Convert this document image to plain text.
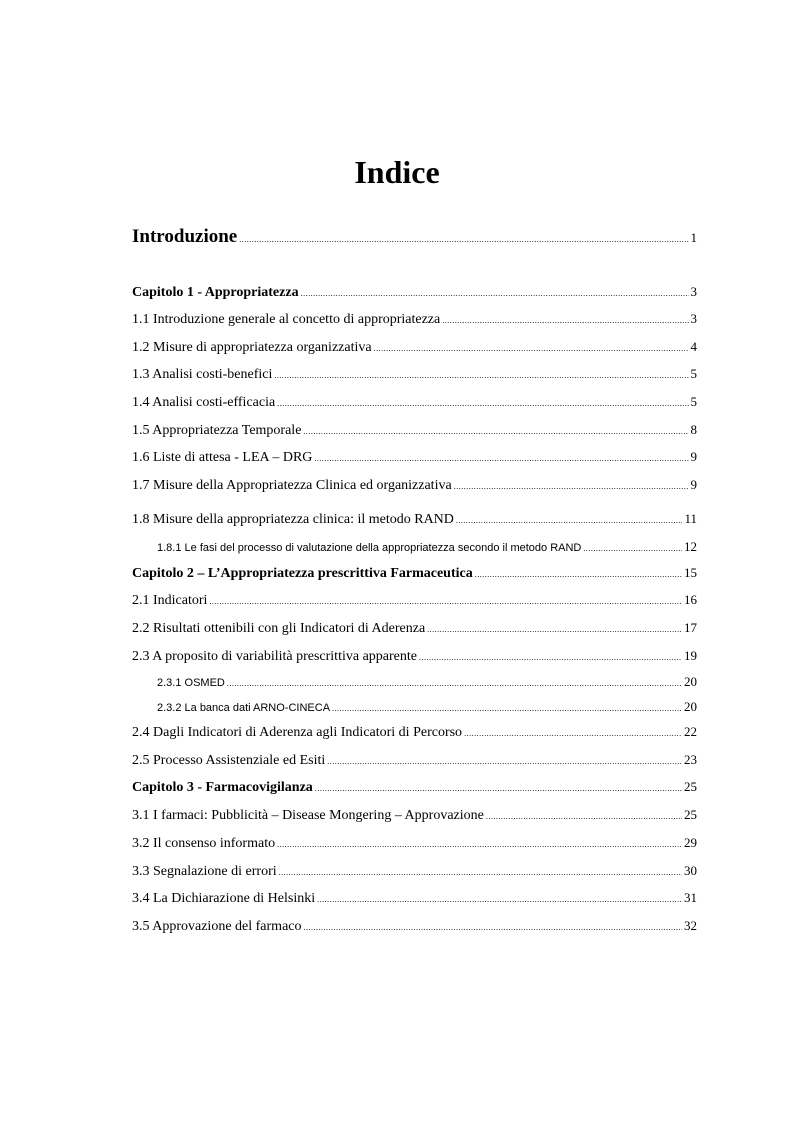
Indice
Introduzione .....	1
Capitolo 1 - Appropriatezza .....	3
1.1 Introduzione generale al concetto di appropriatezza .....	3
1.2 Misure di appropriatezza organizzativa .....	4
1.3 Analisi costi-benefici .....	5
1.4 Analisi costi-efficacia .....	5
1.5 Appropriatezza Temporale .....	8
1.6 Liste di attesa - LEA – DRG .....	9
1.7 Misure della Appropriatezza Clinica ed organizzativa .....	9
1.8 Misure della appropriatezza clinica: il metodo RAND .....	11
1.8.1 Le fasi del processo di valutazione della appropriatezza secondo il metodo RAND .....	12
Capitolo 2 – L’Appropriatezza prescrittiva Farmaceutica .....	15
2.1 Indicatori .....	16
2.2 Risultati ottenibili con gli Indicatori di Aderenza .....	17
2.3 A proposito di variabilità prescrittiva apparente .....	19
2.3.1 OSMED .....	20
2.3.2 La banca dati ARNO-CINECA .....	20
2.4 Dagli Indicatori di Aderenza agli Indicatori di Percorso .....	22
2.5 Processo Assistenziale ed Esiti .....	23
Capitolo 3 - Farmacovigilanza .....	25
3.1 I farmaci: Pubblicità – Disease Mongering – Approvazione .....	25
3.2 Il consenso informato .....	29
3.3 Segnalazione di errori .....	30
3.4 La Dichiarazione di Helsinki .....	31
3.5 Approvazione del farmaco .....	32
